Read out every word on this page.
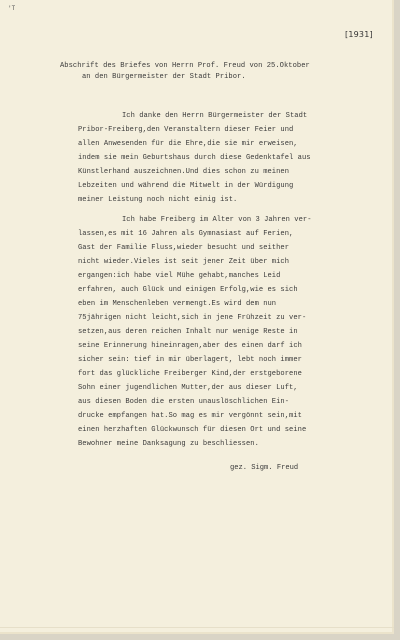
'T
[1931]
Abschrift des Briefes von Herrn Prof. Freud von 25.Oktober
an den Bürgermeister der Stadt Pribor.
Ich danke den Herrn Bürgermeister der Stadt
Pribor-Freiberg,den Veranstaltern dieser Feier und
allen Anwesenden für die Ehre,die sie mir erweisen,
indem sie mein Geburtshaus durch diese Gedenktafel aus
Künstlerhand auszeichnen.Und dies schon zu meinen
Lebzeiten und während die Mitwelt in der Würdigung
meiner Leistung noch nicht einig ist.
Ich habe Freiberg im Alter von 3 Jahren ver-
lassen,es mit 16 Jahren als Gymnasiast auf Ferien,
Gast der Familie Fluss,wieder besucht und seither
nicht wieder.Vieles ist seit jener Zeit über mich
ergangen:ich habe viel Mühe gehabt,manches Leid
erfahren, auch Glück und einigen Erfolg,wie es sich
eben im Menschenleben vermengt.Es wird dem nun
75jährigen nicht leicht,sich in jene Frühzeit zu ver-
setzen,aus deren reichen Inhalt nur wenige Reste in
seine Erinnerung hineinragen,aber des einen darf ich
sicher sein: tief in mir überlagert, lebt noch immer
fort das glückliche Freiberger Kind,der erstgeborene
Sohn einer jugendlichen Mutter,der aus dieser Luft,
aus diesen Boden die ersten unauslöschlichen Ein-
drucke empfangen hat.So mag es mir vergönnt sein,mit
einen herzhaften Glückwunsch für diesen Ort und seine
Bewohner meine Danksagung zu beschliessen.
gez. Sigm. Freud
